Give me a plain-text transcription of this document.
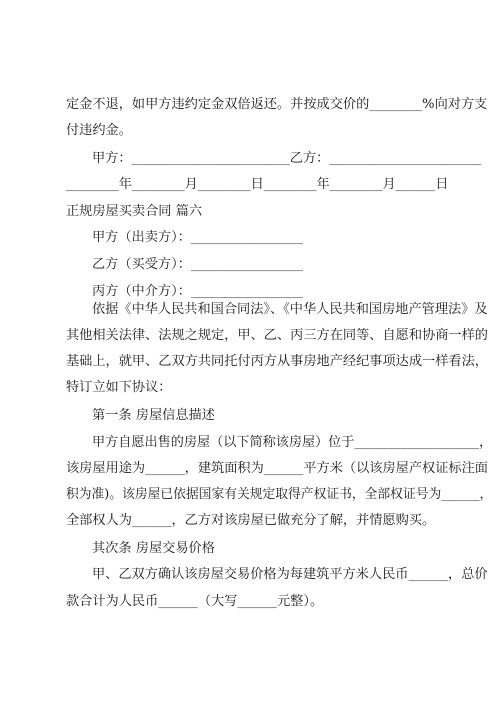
定金不退，如甲方违约定金双倍返还。并按成交价的________%向对方支
付违约金。
甲方：________________________乙方：_______________________
________年________月________日________年________月______日
正规房屋买卖合同 篇六
甲方（出卖方）：_________________
乙方（买受方）：_________________
丙方（中介方）：_________________
依据《中华人民共和国合同法》、《中华人民共和国房地产管理法》及
其他相关法律、法规之规定，甲、乙、丙三方在同等、自愿和协商一样的
基础上，就甲、乙双方共同托付丙方从事房地产经纪事项达成一样看法，
特订立如下协议：
第一条 房屋信息描述
甲方自愿出售的房屋（以下简称该房屋）位于___________________，
该房屋用途为______，建筑面积为______平方米（以该房屋产权证标注面
积为准)。该房屋已依据国家有关规定取得产权证书，全部权证号为______，
全部权人为______，乙方对该房屋已做充分了解，并情愿购买。
其次条 房屋交易价格
甲、乙双方确认该房屋交易价格为每建筑平方米人民币______，总价
款合计为人民币______（大写______元整）。
